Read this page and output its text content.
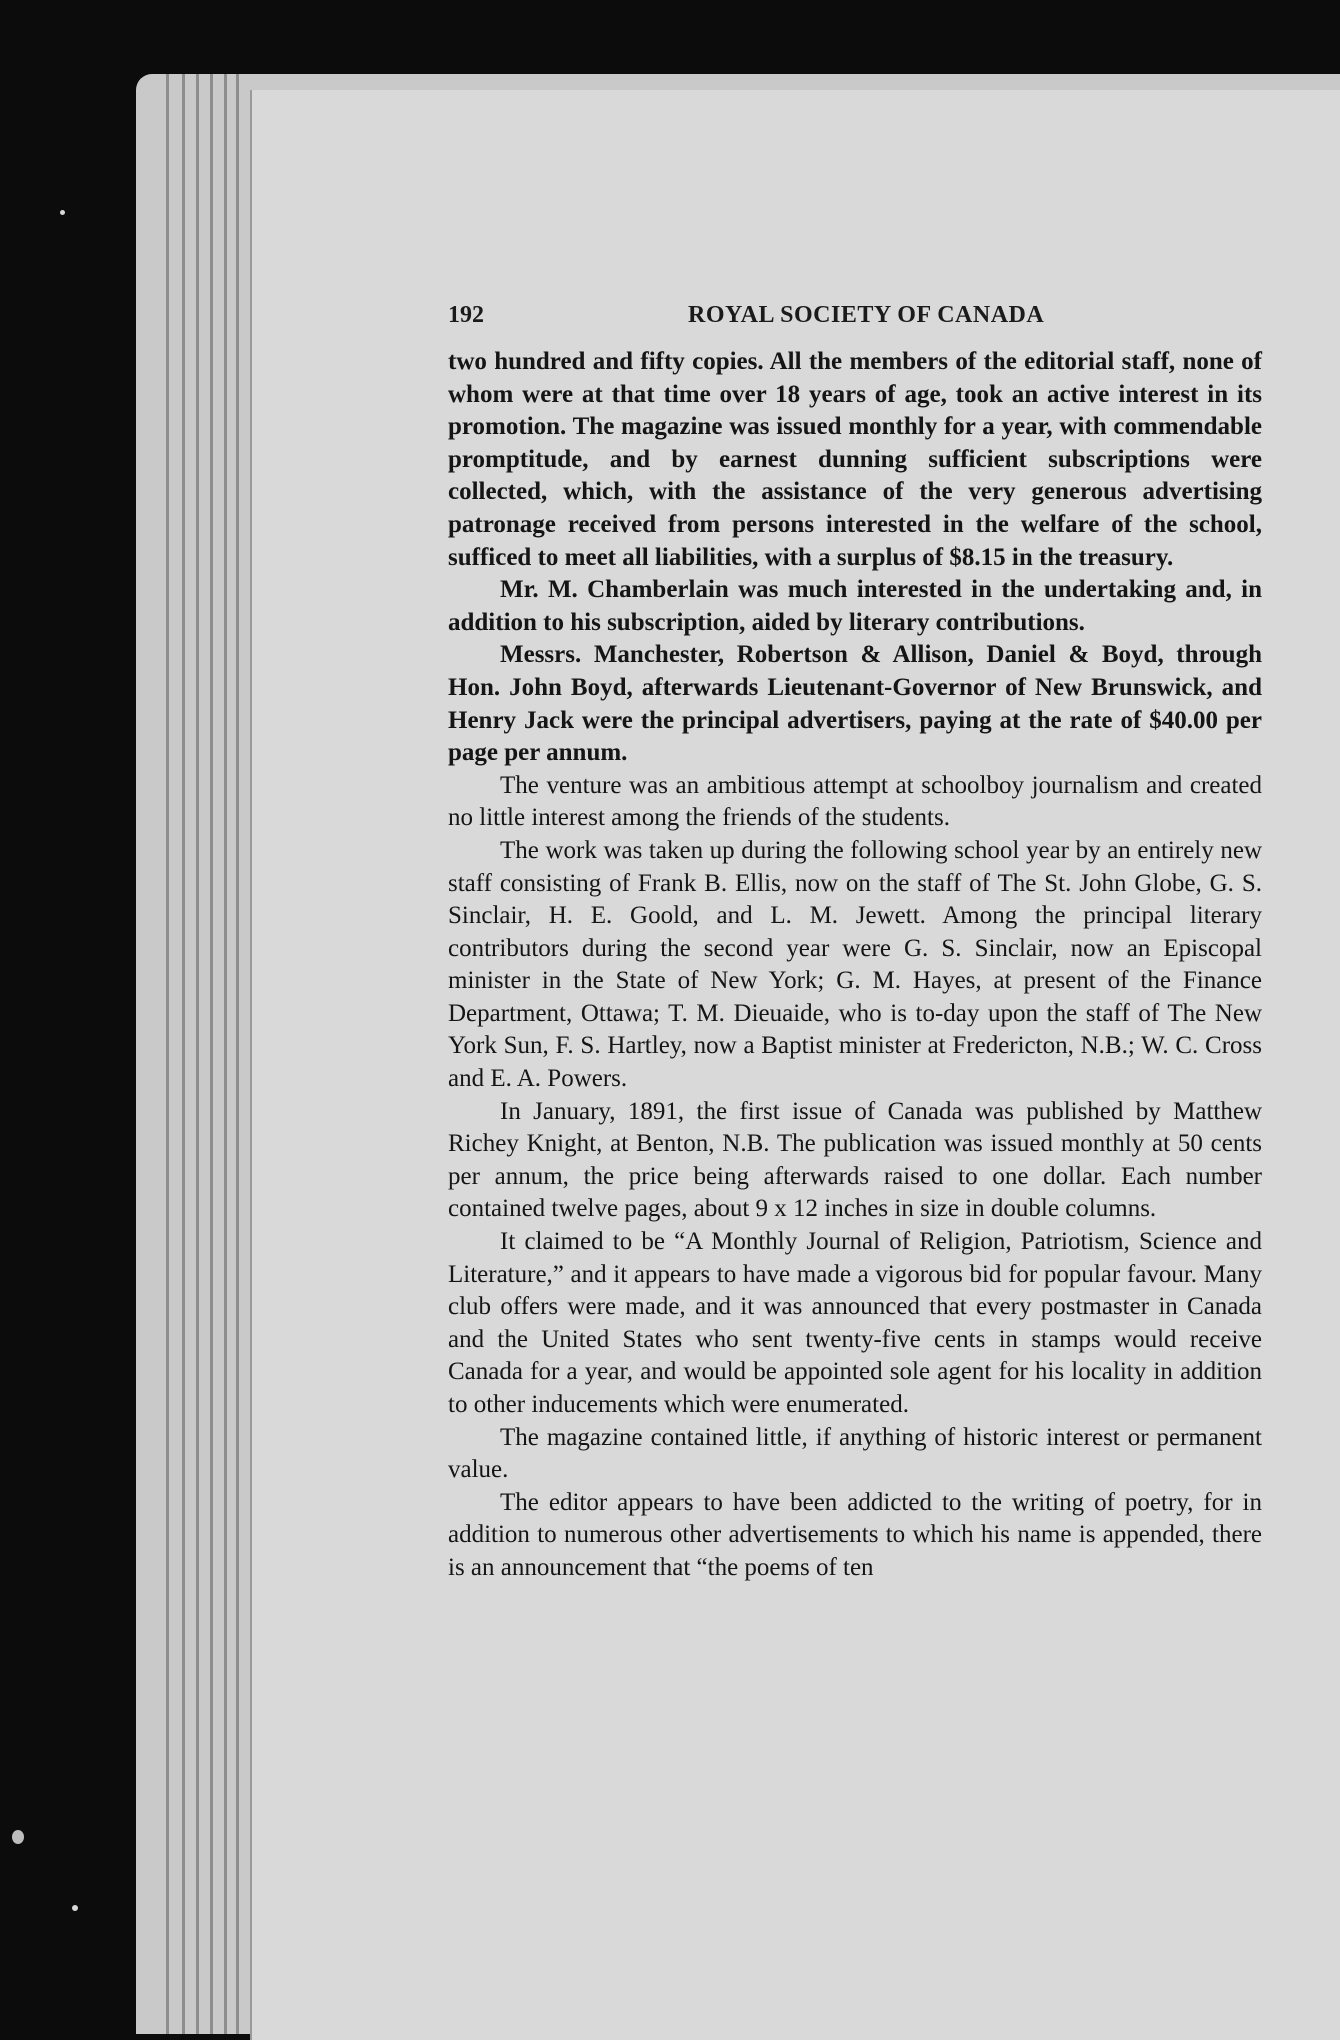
192	ROYAL SOCIETY OF CANADA

two hundred and fifty copies. All the members of the editorial staff, none of whom were at that time over 18 years of age, took an active interest in its promotion. The magazine was issued monthly for a year, with commendable promptitude, and by earnest dunning sufficient subscriptions were collected, which, with the assistance of the very generous advertising patronage received from persons interested in the welfare of the school, sufficed to meet all liabilities, with a surplus of $8.15 in the treasury.

Mr. M. Chamberlain was much interested in the undertaking and, in addition to his subscription, aided by literary contributions.

Messrs. Manchester, Robertson & Allison, Daniel & Boyd, through Hon. John Boyd, afterwards Lieutenant-Governor of New Brunswick, and Henry Jack were the principal advertisers, paying at the rate of $40.00 per page per annum.

The venture was an ambitious attempt at schoolboy journalism and created no little interest among the friends of the students.

The work was taken up during the following school year by an entirely new staff consisting of Frank B. Ellis, now on the staff of The St. John Globe, G. S. Sinclair, H. E. Goold, and L. M. Jewett. Among the principal literary contributors during the second year were G. S. Sinclair, now an Episcopal minister in the State of New York; G. M. Hayes, at present of the Finance Department, Ottawa; T. M. Dieuaide, who is to-day upon the staff of The New York Sun, F. S. Hartley, now a Baptist minister at Fredericton, N.B.; W. C. Cross and E. A. Powers.

In January, 1891, the first issue of Canada was published by Matthew Richey Knight, at Benton, N.B. The publication was issued monthly at 50 cents per annum, the price being afterwards raised to one dollar. Each number contained twelve pages, about 9 x 12 inches in size in double columns.

It claimed to be “A Monthly Journal of Religion, Patriotism, Science and Literature,” and it appears to have made a vigorous bid for popular favour. Many club offers were made, and it was announced that every postmaster in Canada and the United States who sent twenty-five cents in stamps would receive Canada for a year, and would be appointed sole agent for his locality in addition to other inducements which were enumerated.

The magazine contained little, if anything of historic interest or permanent value.

The editor appears to have been addicted to the writing of poetry, for in addition to numerous other advertisements to which his name is appended, there is an announcement that “the poems of ten
